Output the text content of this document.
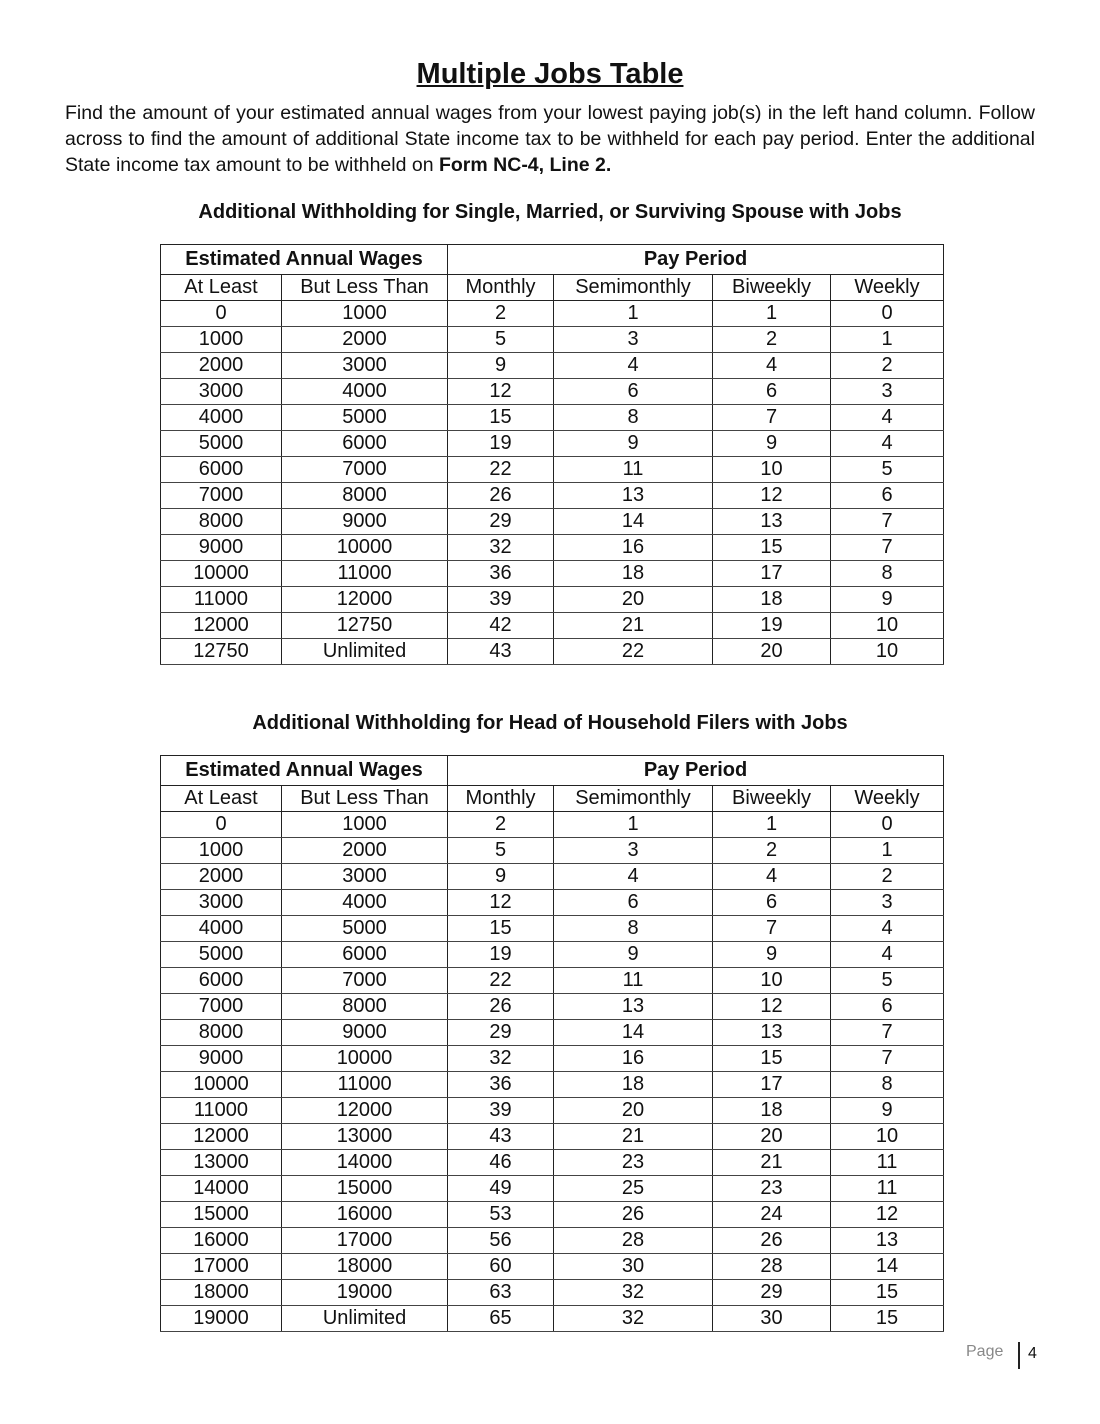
Multiple Jobs Table

Find the amount of your estimated annual wages from your lowest paying job(s) in the left hand column. Follow across to find the amount of additional State income tax to be withheld for each pay period. Enter the additional State income tax amount to be withheld on Form NC-4, Line 2.

Additional Withholding for Single, Married, or Surviving Spouse with Jobs
Estimated Annual Wages		Pay Period			
At Least	But Less Than	Monthly	Semimonthly	Biweekly	Weekly
0	1000	2	1	1	0
1000	2000	5	3	2	1
2000	3000	9	4	4	2
3000	4000	12	6	6	3
4000	5000	15	8	7	4
5000	6000	19	9	9	4
6000	7000	22	11	10	5
7000	8000	26	13	12	6
8000	9000	29	14	13	7
9000	10000	32	16	15	7
10000	11000	36	18	17	8
11000	12000	39	20	18	9
12000	12750	42	21	19	10
12750	Unlimited	43	22	20	10
Additional Withholding for Head of Household Filers with Jobs
Estimated Annual Wages		Pay Period			
At Least	But Less Than	Monthly	Semimonthly	Biweekly	Weekly
0	1000	2	1	1	0
1000	2000	5	3	2	1
2000	3000	9	4	4	2
3000	4000	12	6	6	3
4000	5000	15	8	7	4
5000	6000	19	9	9	4
6000	7000	22	11	10	5
7000	8000	26	13	12	6
8000	9000	29	14	13	7
9000	10000	32	16	15	7
10000	11000	36	18	17	8
11000	12000	39	20	18	9
12000	13000	43	21	20	10
13000	14000	46	23	21	11
14000	15000	49	25	23	11
15000	16000	53	26	24	12
16000	17000	56	28	26	13
17000	18000	60	30	28	14
18000	19000	63	32	29	15
19000	Unlimited	65	32	30	15
Page 4
